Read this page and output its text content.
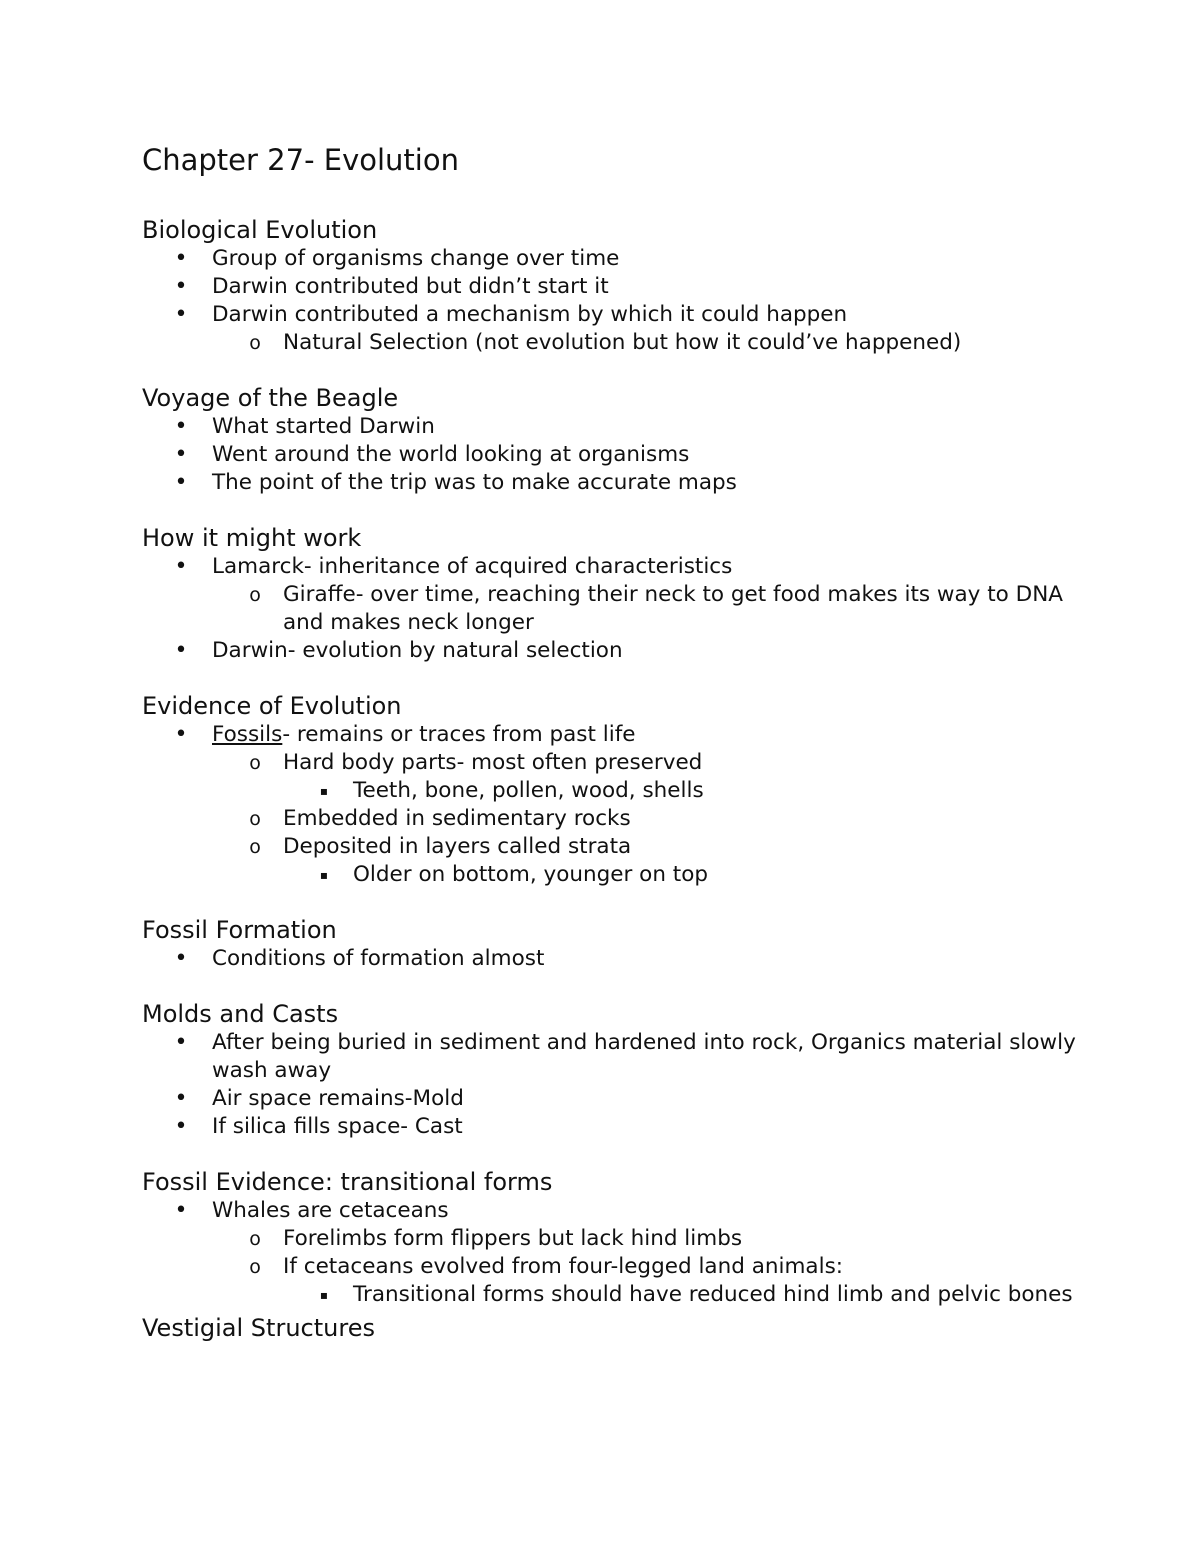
Chapter 27- Evolution
Biological Evolution
• Group of organisms change over time
• Darwin contributed but didn’t start it
• Darwin contributed a mechanism by which it could happen
o Natural Selection (not evolution but how it could’ve happened)
Voyage of the Beagle
• What started Darwin
• Went around the world looking at organisms
• The point of the trip was to make accurate maps
How it might work
• Lamarck- inheritance of acquired characteristics
o Giraffe- over time, reaching their neck to get food makes its way to DNA and makes neck longer
• Darwin- evolution by natural selection
Evidence of Evolution
• Fossils- remains or traces from past life
o Hard body parts- most often preserved
▪	Teeth, bone, pollen, wood, shells
o Embedded in sedimentary rocks
o Deposited in layers called strata
▪	Older on bottom, younger on top
Fossil Formation
• Conditions of formation almost
Molds and Casts
• After being buried in sediment and hardened into rock, Organics material slowly wash away
• Air space remains-Mold
• If silica fills space- Cast
Fossil Evidence: transitional forms
• Whales are cetaceans
o Forelimbs form flippers but lack hind limbs
o If cetaceans evolved from four-legged land animals:
▪	Transitional forms should have reduced hind limb and pelvic bones
Vestigial Structures
